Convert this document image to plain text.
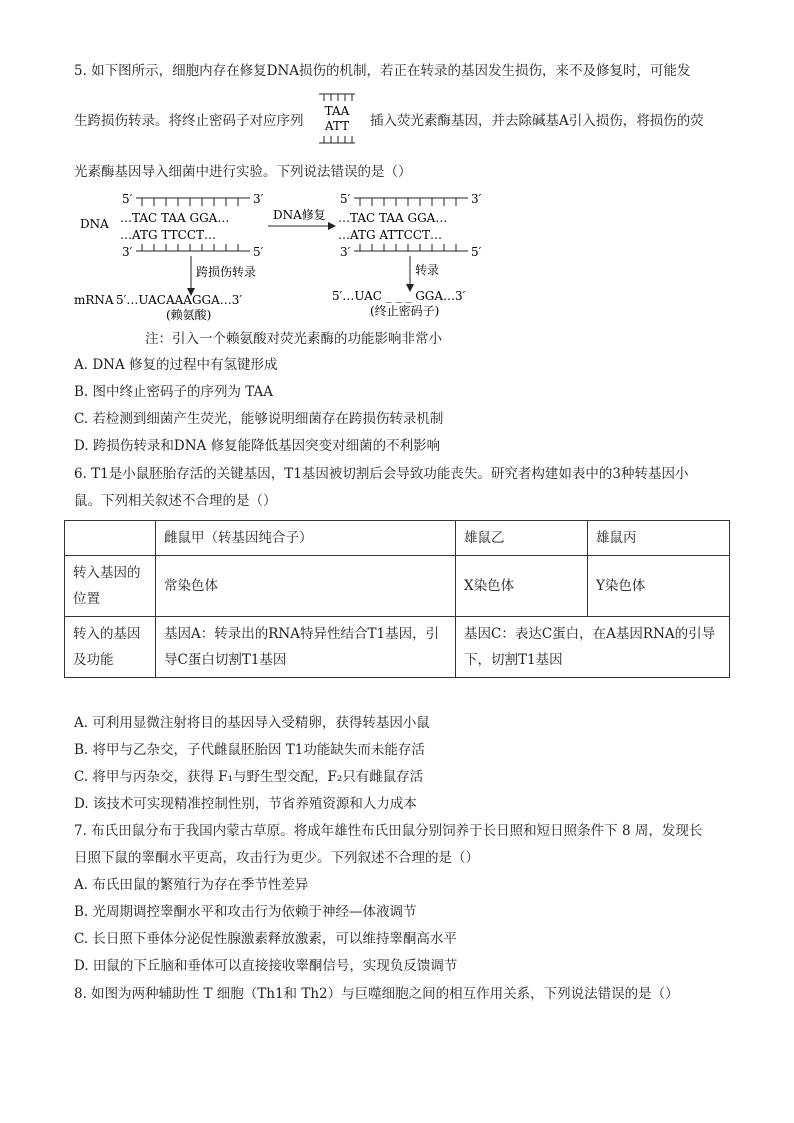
5. 如下图所示，细胞内存在修复DNA损伤的机制，若正在转录的基因发生损伤，来不及修复时，可能发
生跨损伤转录。将终止密码子对应序列
TAA
ATT 插入荧光素酶基因，并去除碱基A引入损伤，将损伤的荧
光素酶基因导入细菌中进行实验。下列说法错误的是（）
5′	3′
DNA …TAC TAA GGA…
…ATG TTCCT…
3′	5′
DNA修复
5′	3′
…TAC TAA GGA…
…ATG ATTCCT…
3′	5′
跨损伤转录	转录
mRNA 5′…UACAAAGGA…3′
(赖氨酸)
5′…UAC _ _ _ GGA…3′
(终止密码子)
注：引入一个赖氨酸对荧光素酶的功能影响非常小
A. DNA 修复的过程中有氢键形成
B. 图中终止密码子的序列为 TAA
C. 若检测到细菌产生荧光，能够说明细菌存在跨损伤转录机制
D. 跨损伤转录和DNA 修复能降低基因突变对细菌的不利影响
6. T1是小鼠胚胎存活的关键基因，T1基因被切割后会导致功能丧失。研究者构建如表中的3种转基因小
鼠。下列相关叙述不合理的是（）
	雌鼠甲（转基因纯合子）	雄鼠乙	雄鼠丙
转入基因的位置	常染色体	X染色体	Y染色体
转入的基因及功能	基因A：转录出的RNA特异性结合T1基因，引导C蛋白切割T1基因	基因C：表达C蛋白，在A基因RNA的引导下，切割T1基因	
A. 可利用显微注射将目的基因导入受精卵，获得转基因小鼠
B. 将甲与乙杂交，子代雌鼠胚胎因 T1功能缺失而未能存活
C. 将甲与丙杂交，获得 F₁与野生型交配，F₂只有雌鼠存活
D. 该技术可实现精准控制性别，节省养殖资源和人力成本
7. 布氏田鼠分布于我国内蒙古草原。将成年雄性布氏田鼠分别饲养于长日照和短日照条件下 8 周，发现长
日照下鼠的睾酮水平更高，攻击行为更少。下列叙述不合理的是（）
A. 布氏田鼠的繁殖行为存在季节性差异
B. 光周期调控睾酮水平和攻击行为依赖于神经—体液调节
C. 长日照下垂体分泌促性腺激素释放激素，可以维持睾酮高水平
D. 田鼠的下丘脑和垂体可以直接接收睾酮信号，实现负反馈调节
8. 如图为两种辅助性 T 细胞（Th1和 Th2）与巨噬细胞之间的相互作用关系，下列说法错误的是（）
